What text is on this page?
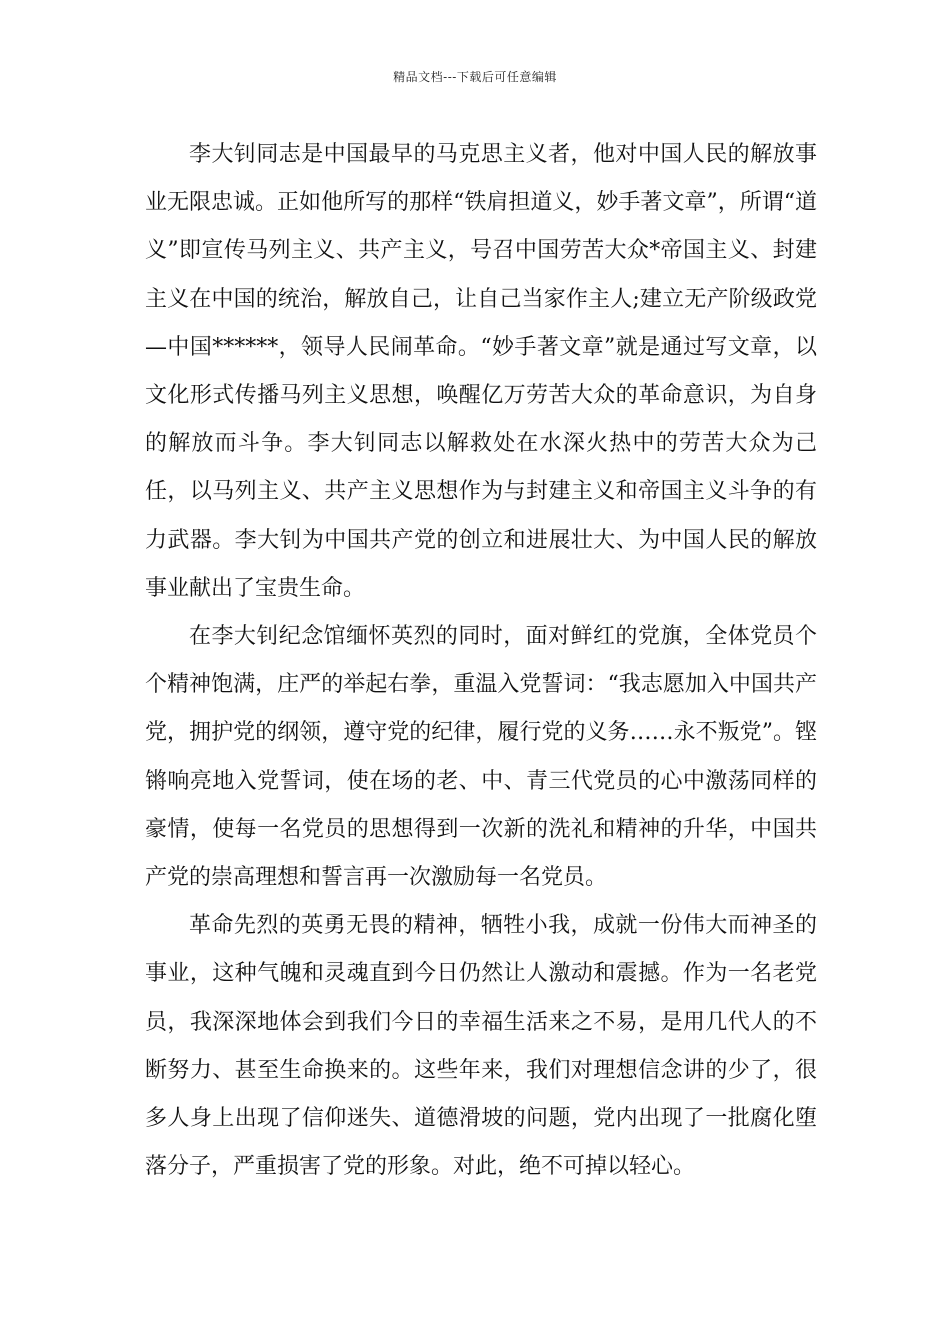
精品文档---下载后可任意编辑

李大钊同志是中国最早的马克思主义者，他对中国人民的解放事业无限忠诚。正如他所写的那样“铁肩担道义，妙手著文章”，所谓“道义”即宣传马列主义、共产主义，号召中国劳苦大众*帝国主义、封建主义在中国的统治，解放自己，让自己当家作主人;建立无产阶级政党—中国******，领导人民闹革命。“妙手著文章”就是通过写文章，以文化形式传播马列主义思想，唤醒亿万劳苦大众的革命意识，为自身的解放而斗争。李大钊同志以解救处在水深火热中的劳苦大众为己任，以马列主义、共产主义思想作为与封建主义和帝国主义斗争的有力武器。李大钊为中国共产党的创立和进展壮大、为中国人民的解放事业献出了宝贵生命。

在李大钊纪念馆缅怀英烈的同时，面对鲜红的党旗，全体党员个个精神饱满，庄严的举起右拳，重温入党誓词：“我志愿加入中国共产党，拥护党的纲领，遵守党的纪律，履行党的义务……永不叛党”。铿锵响亮地入党誓词，使在场的老、中、青三代党员的心中激荡同样的豪情，使每一名党员的思想得到一次新的洗礼和精神的升华，中国共产党的崇高理想和誓言再一次激励每一名党员。

革命先烈的英勇无畏的精神，牺牲小我，成就一份伟大而神圣的事业，这种气魄和灵魂直到今日仍然让人激动和震撼。作为一名老党员，我深深地体会到我们今日的幸福生活来之不易，是用几代人的不断努力、甚至生命换来的。这些年来，我们对理想信念讲的少了，很多人身上出现了信仰迷失、道德滑坡的问题，党内出现了一批腐化堕落分子，严重损害了党的形象。对此，绝不可掉以轻心。
